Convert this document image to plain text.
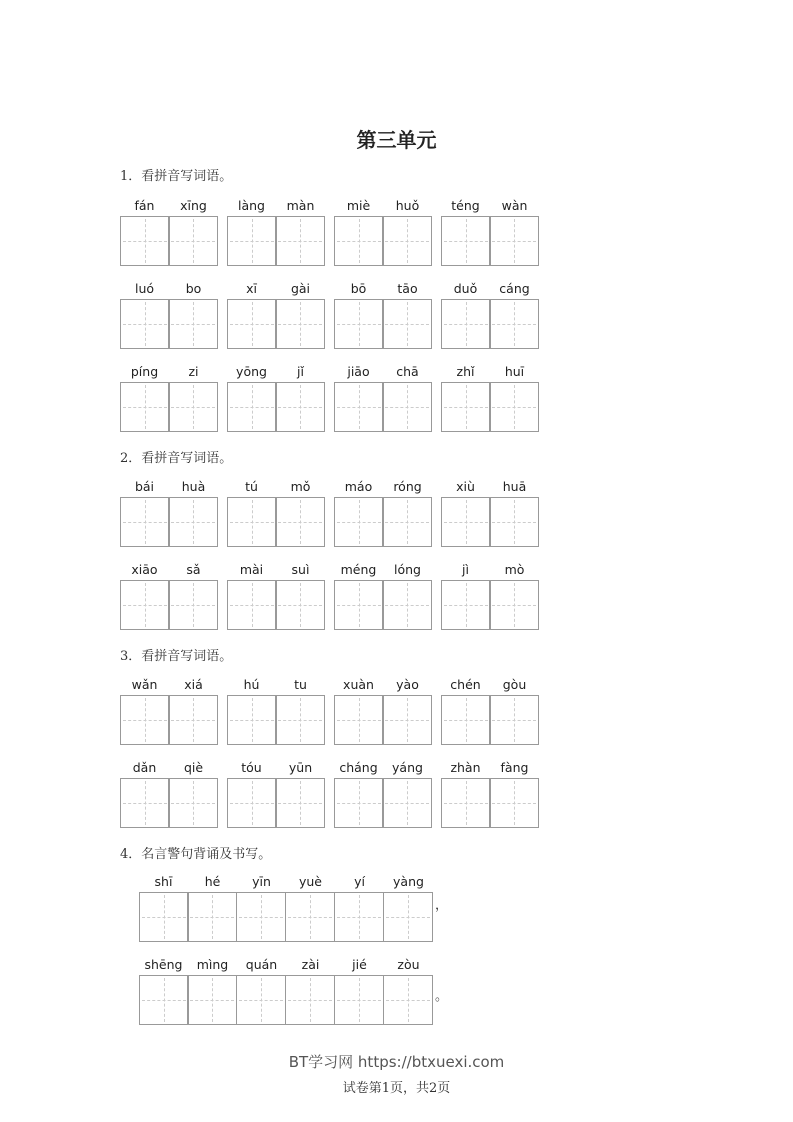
第三单元
1．看拼音写词语。
fán	xīng	làng	màn	miè	huǒ	téng	wàn
luó	bo	xī	gài	bō	tāo	duǒ	cáng
píng	zi	yōng	jǐ	jiāo	chā	zhǐ	huī
2．看拼音写词语。
bái	huà	tú	mǒ	máo	róng	xiù	huā
xiāo	sǎ	mài	suì	méng	lóng	jì	mò
3．看拼音写词语。
wǎn	xiá	hú	tu	xuàn	yào	chén	gòu
dǎn	qiè	tóu	yūn	cháng	yáng	zhàn	fàng
4．名言警句背诵及书写。
shī	hé	yīn	yuè	yí	yàng
，
shēng	mìng	quán	zài	jié	zòu
。
BT学习网 https://btxuexi.com
试卷第1页，共2页
